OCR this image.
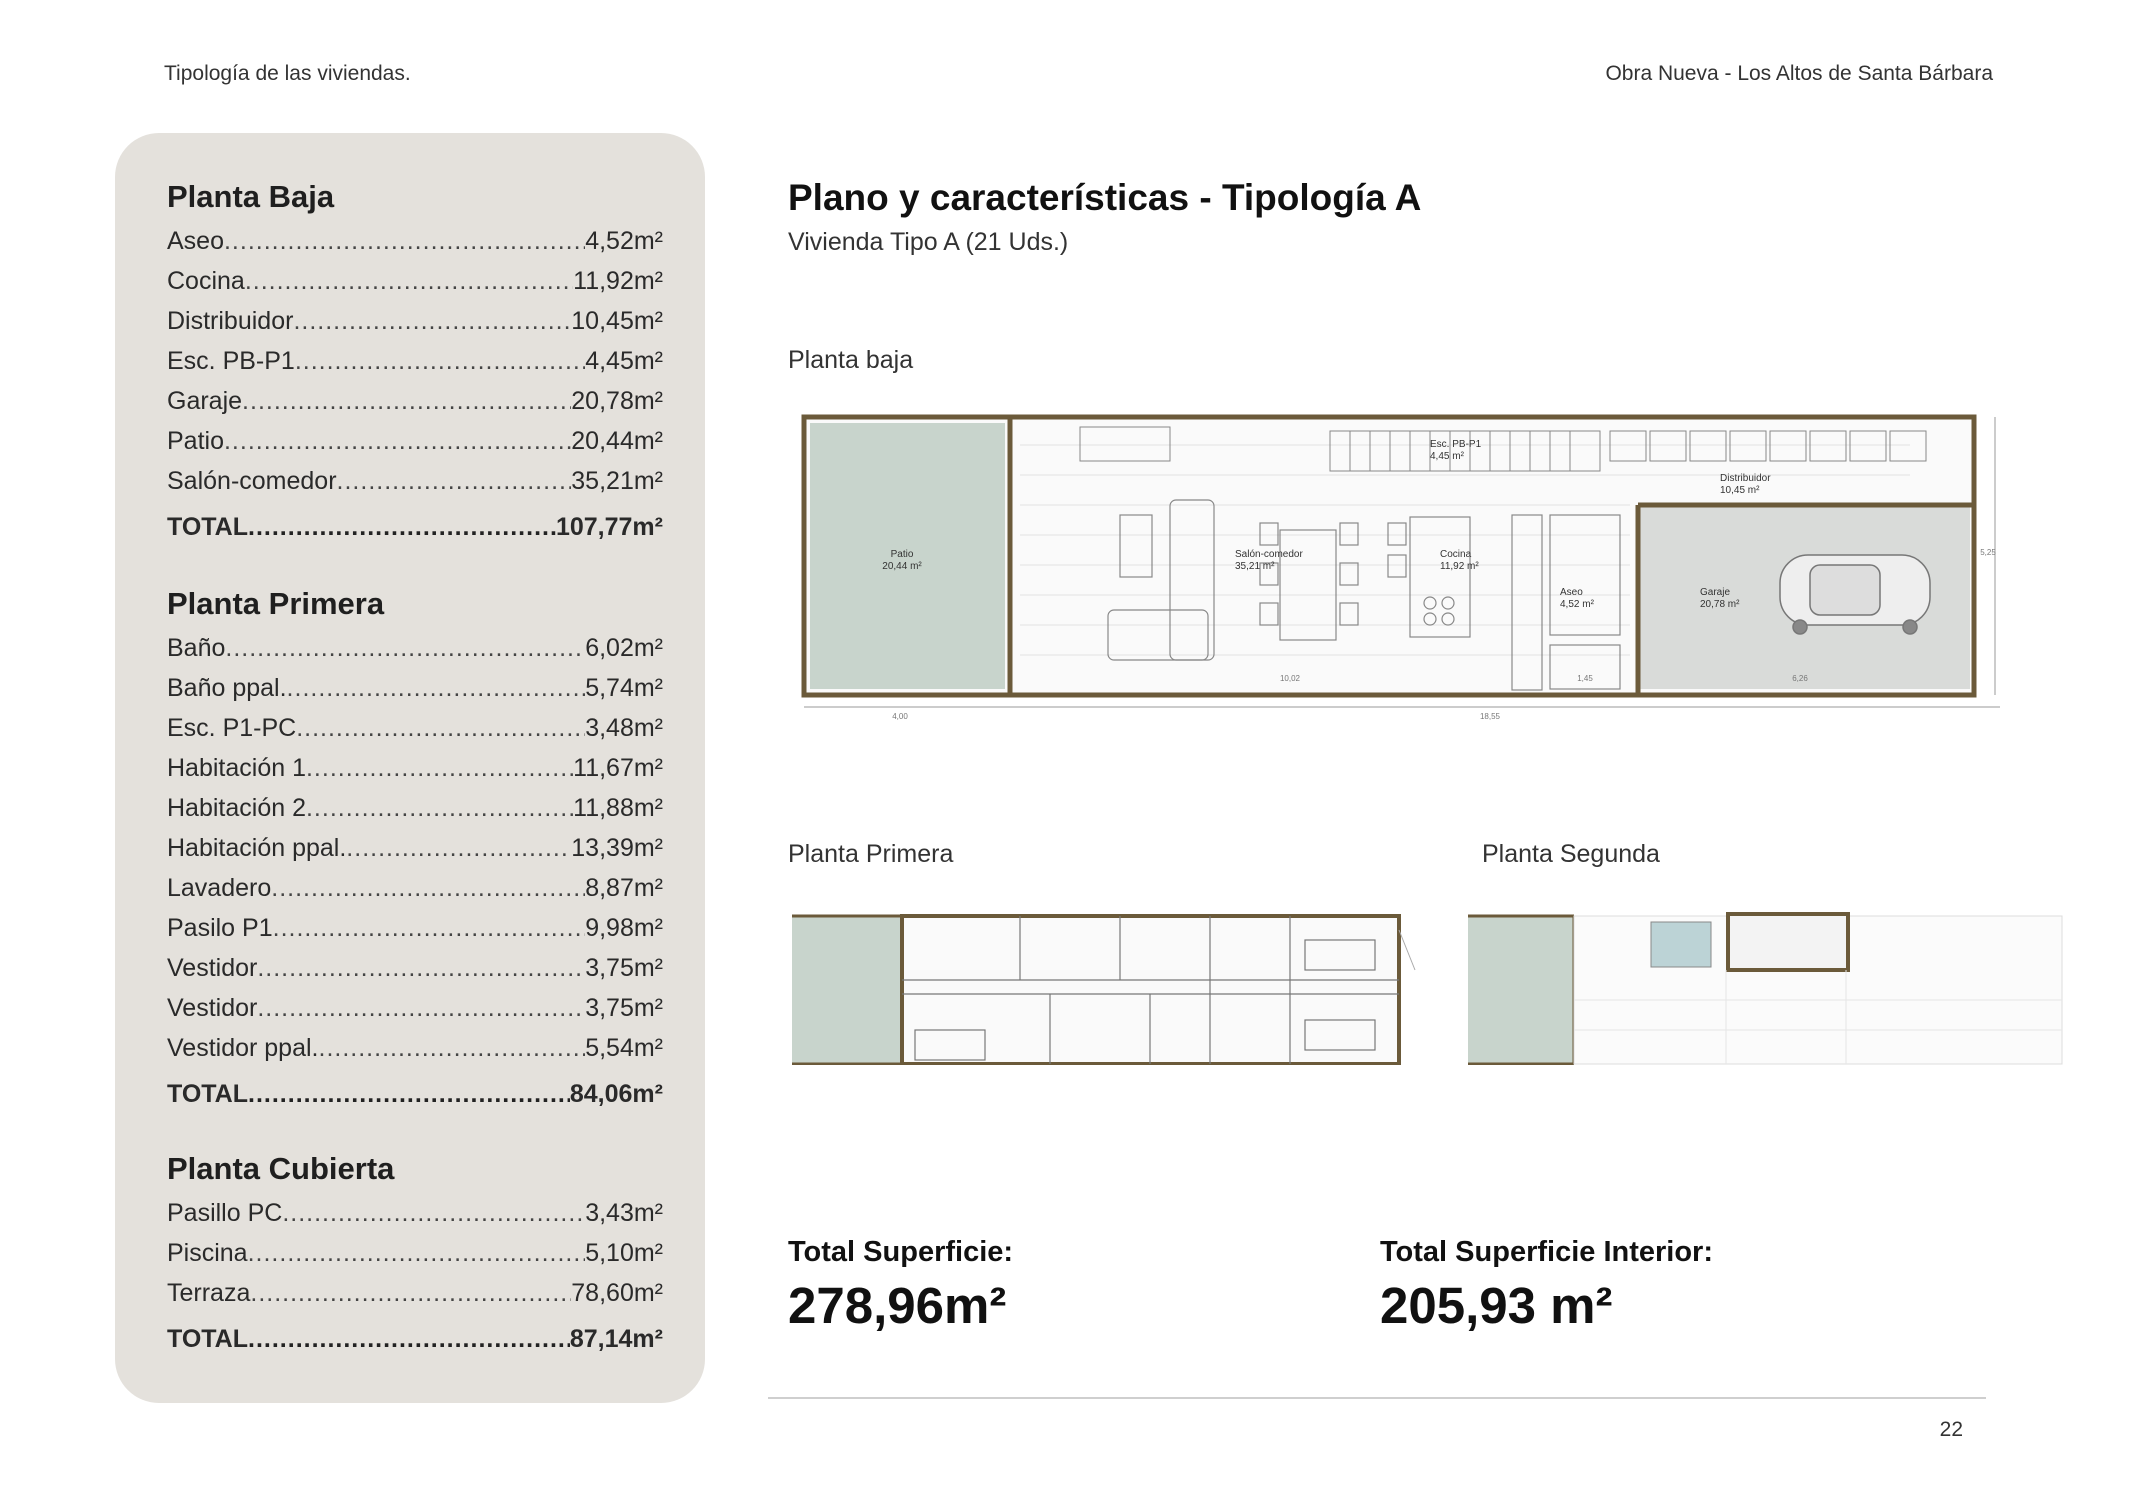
Tipología de las viviendas.	Obra Nueva - Los Altos de Santa Bárbara
Planta Baja
Aseo .....	4,52m²
Cocina .....	11,92m²
Distribuidor .....	10,45m²
Esc. PB-P1 .....	4,45m²
Garaje .....	20,78m²
Patio .....	20,44m²
Salón-comedor .....	35,21m²
TOTAL .....	107,77m²
Planta Primera
Baño .....	6,02m²
Baño ppal. .....	5,74m²
Esc. P1-PC .....	3,48m²
Habitación 1 .....	11,67m²
Habitación 2 .....	11,88m²
Habitación ppal. .....	13,39m²
Lavadero .....	8,87m²
Pasilo P1 .....	9,98m²
Vestidor .....	3,75m²
Vestidor .....	3,75m²
Vestidor ppal. .....	5,54m²
TOTAL .....	84,06m²
Planta Cubierta
Pasillo PC .....	3,43m²
Piscina .....	5,10m²
Terraza .....	78,60m²
TOTAL .....	87,14m²
Plano y características - Tipología A
Vivienda Tipo A (21 Uds.)
Planta baja
Patio
20,44 m²
Salón-comedor
35,21 m²
Cocina
11,92 m²
Aseo
4,52 m²
Distribuidor
10,45 m²
Garaje
20,78 m²
Esc. PB-P1
4,45 m²
4,00	18,55
10,02	6,26
1,45
5,25
Planta Primera	Planta Segunda
Total Superficie:
278,96m²
Total Superficie Interior:
205,93 m²
22
